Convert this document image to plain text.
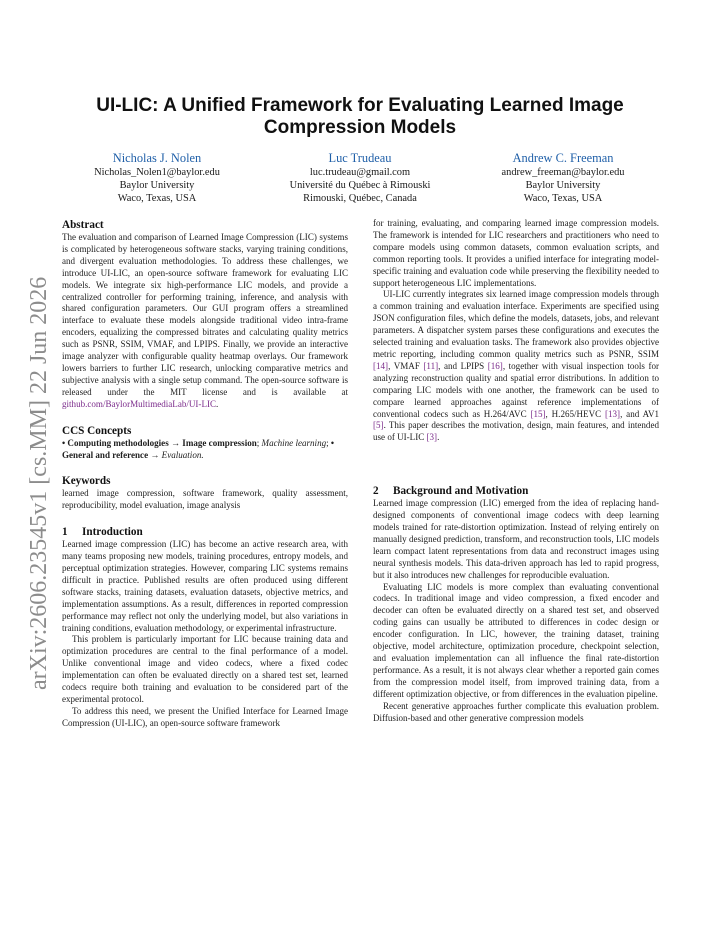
arXiv:2606.23545v1 [cs.MM] 22 Jun 2026
UI-LIC: A Unified Framework for Evaluating Learned Image Compression Models
Nicholas J. Nolen
Nicholas_Nolen1@baylor.edu
Baylor University
Waco, Texas, USA
Luc Trudeau
luc.trudeau@gmail.com
Université du Québec à Rimouski
Rimouski, Québec, Canada
Andrew C. Freeman
andrew_freeman@baylor.edu
Baylor University
Waco, Texas, USA
Abstract

The evaluation and comparison of Learned Image Compression (LIC) systems is complicated by heterogeneous software stacks, varying training conditions, and divergent evaluation methodologies. To address these challenges, we introduce UI-LIC, an open-source software framework for evaluating LIC models. We integrate six high-performance LIC models, and provide a centralized controller for performing training, inference, and analysis with shared configuration parameters. Our GUI program offers a streamlined interface to evaluate these models alongside traditional video intra-frame encoders, equalizing the compressed bitrates and calculating quality metrics such as PSNR, SSIM, VMAF, and LPIPS. Finally, we provide an interactive image analyzer with configurable quality heatmap overlays. Our framework lowers barriers to further LIC research, unlocking comparative metrics and subjective analysis with a single setup command. The open-source software is released under the MIT license and is available at github.com/BaylorMultimediaLab/UI-LIC.

CCS Concepts

• Computing methodologies → Image compression; Machine learning; • General and reference → Evaluation.

Keywords

learned image compression, software framework, quality assessment, reproducibility, model evaluation, image analysis

1 Introduction

Learned image compression (LIC) has become an active research area, with many teams proposing new models, training procedures, entropy models, and perceptual optimization strategies. However, comparing LIC systems remains difficult in practice. Published results are often produced using different software stacks, training datasets, evaluation datasets, objective metrics, and implementation assumptions. As a result, differences in reported compression performance may reflect not only the underlying model, but also variations in training conditions, evaluation methodology, or experimental infrastructure.

This problem is particularly important for LIC because training data and optimization procedures are central to the final performance of a model. Unlike conventional image and video codecs, where a fixed codec implementation can often be evaluated directly on a shared test set, learned codecs require both training and evaluation to be considered part of the experimental protocol.

To address this need, we present the Unified Interface for Learned Image Compression (UI-LIC), an open-source software framework

for training, evaluating, and comparing learned image compression models. The framework is intended for LIC researchers and practitioners who need to compare models using common datasets, common evaluation scripts, and common reporting tools. It provides a unified interface for integrating model-specific training and evaluation code while preserving the flexibility needed to support heterogeneous LIC implementations.

UI-LIC currently integrates six learned image compression models through a common training and evaluation interface. Experiments are specified using JSON configuration files, which define the models, datasets, jobs, and relevant parameters. A dispatcher system parses these configurations and executes the selected training and evaluation tasks. The framework also provides objective metric reporting, including common quality metrics such as PSNR, SSIM [14], VMAF [11], and LPIPS [16], together with visual inspection tools for analyzing reconstruction quality and spatial error distributions. In addition to comparing LIC models with one another, the framework can be used to compare learned approaches against reference implementations of conventional codecs such as H.264/AVC [15], H.265/HEVC [13], and AV1 [5]. This paper describes the motivation, design, main features, and intended use of UI-LIC [3].

2 Background and Motivation

Learned image compression (LIC) emerged from the idea of replacing hand-designed components of conventional image codecs with deep learning models trained for rate-distortion optimization. Instead of relying entirely on manually designed prediction, transform, and reconstruction tools, LIC models learn compact latent representations from data and reconstruct images using neural synthesis models. This data-driven approach has led to rapid progress, but it also introduces new challenges for reproducible evaluation.

Evaluating LIC models is more complex than evaluating conventional codecs. In traditional image and video compression, a fixed encoder and decoder can often be evaluated directly on a shared test set, and observed coding gains can usually be attributed to differences in codec design or encoder configuration. In LIC, however, the training dataset, training objective, model architecture, optimization procedure, checkpoint selection, and evaluation implementation can all influence the final rate-distortion performance. As a result, it is not always clear whether a reported gain comes from the compression model itself, from improved training data, from a different optimization objective, or from differences in the evaluation pipeline.

Recent generative approaches further complicate this evaluation problem. Diffusion-based and other generative compression models
